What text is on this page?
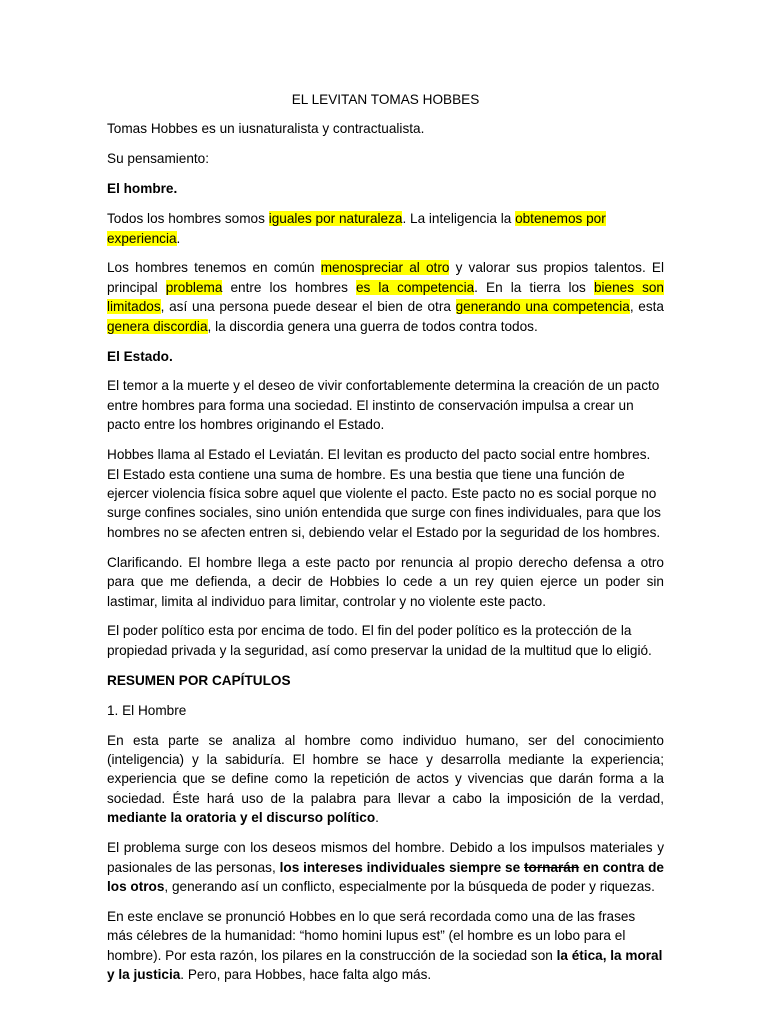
EL LEVITAN TOMAS HOBBES
Tomas Hobbes es un iusnaturalista y contractualista.
Su pensamiento:
El hombre.
Todos los hombres somos iguales por naturaleza. La inteligencia la obtenemos por experiencia.
Los hombres tenemos en común menospreciar al otro y valorar sus propios talentos. El principal problema entre los hombres es la competencia. En la tierra los bienes son limitados, así una persona puede desear el bien de otra generando una competencia, esta genera discordia, la discordia genera una guerra de todos contra todos.
El Estado.
El temor a la muerte y el deseo de vivir confortablemente determina la creación de un pacto entre hombres para forma una sociedad. El instinto de conservación impulsa a crear un pacto entre los hombres originando el Estado.
Hobbes llama al Estado el Leviatán. El levitan es producto del pacto social entre hombres. El Estado esta contiene una suma de hombre. Es una bestia que tiene una función de ejercer violencia física sobre aquel que violente el pacto. Este pacto no es social porque no surge confines sociales, sino unión entendida que surge con fines individuales, para que los hombres no se afecten entren si, debiendo velar el Estado por la seguridad de los hombres.
Clarificando. El hombre llega a este pacto por renuncia al propio derecho defensa a otro para que me defienda, a decir de Hobbies lo cede a un rey quien ejerce un poder sin lastimar, limita al individuo para limitar, controlar y no violente este pacto.
El poder político esta por encima de todo. El fin del poder político es la protección de la propiedad privada y la seguridad, así como preservar la unidad de la multitud que lo eligió.
RESUMEN POR CAPÍTULOS
1. El Hombre
En esta parte se analiza al hombre como individuo humano, ser del conocimiento (inteligencia) y la sabiduría. El hombre se hace y desarrolla mediante la experiencia; experiencia que se define como la repetición de actos y vivencias que darán forma a la sociedad. Éste hará uso de la palabra para llevar a cabo la imposición de la verdad, mediante la oratoria y el discurso político.
El problema surge con los deseos mismos del hombre. Debido a los impulsos materiales y pasionales de las personas, los intereses individuales siempre se tornarán en contra de los otros, generando así un conflicto, especialmente por la búsqueda de poder y riquezas.
En este enclave se pronunció Hobbes en lo que será recordada como una de las frases más célebres de la humanidad: “homo homini lupus est” (el hombre es un lobo para el hombre). Por esta razón, los pilares en la construcción de la sociedad son la ética, la moral y la justicia. Pero, para Hobbes, hace falta algo más.
